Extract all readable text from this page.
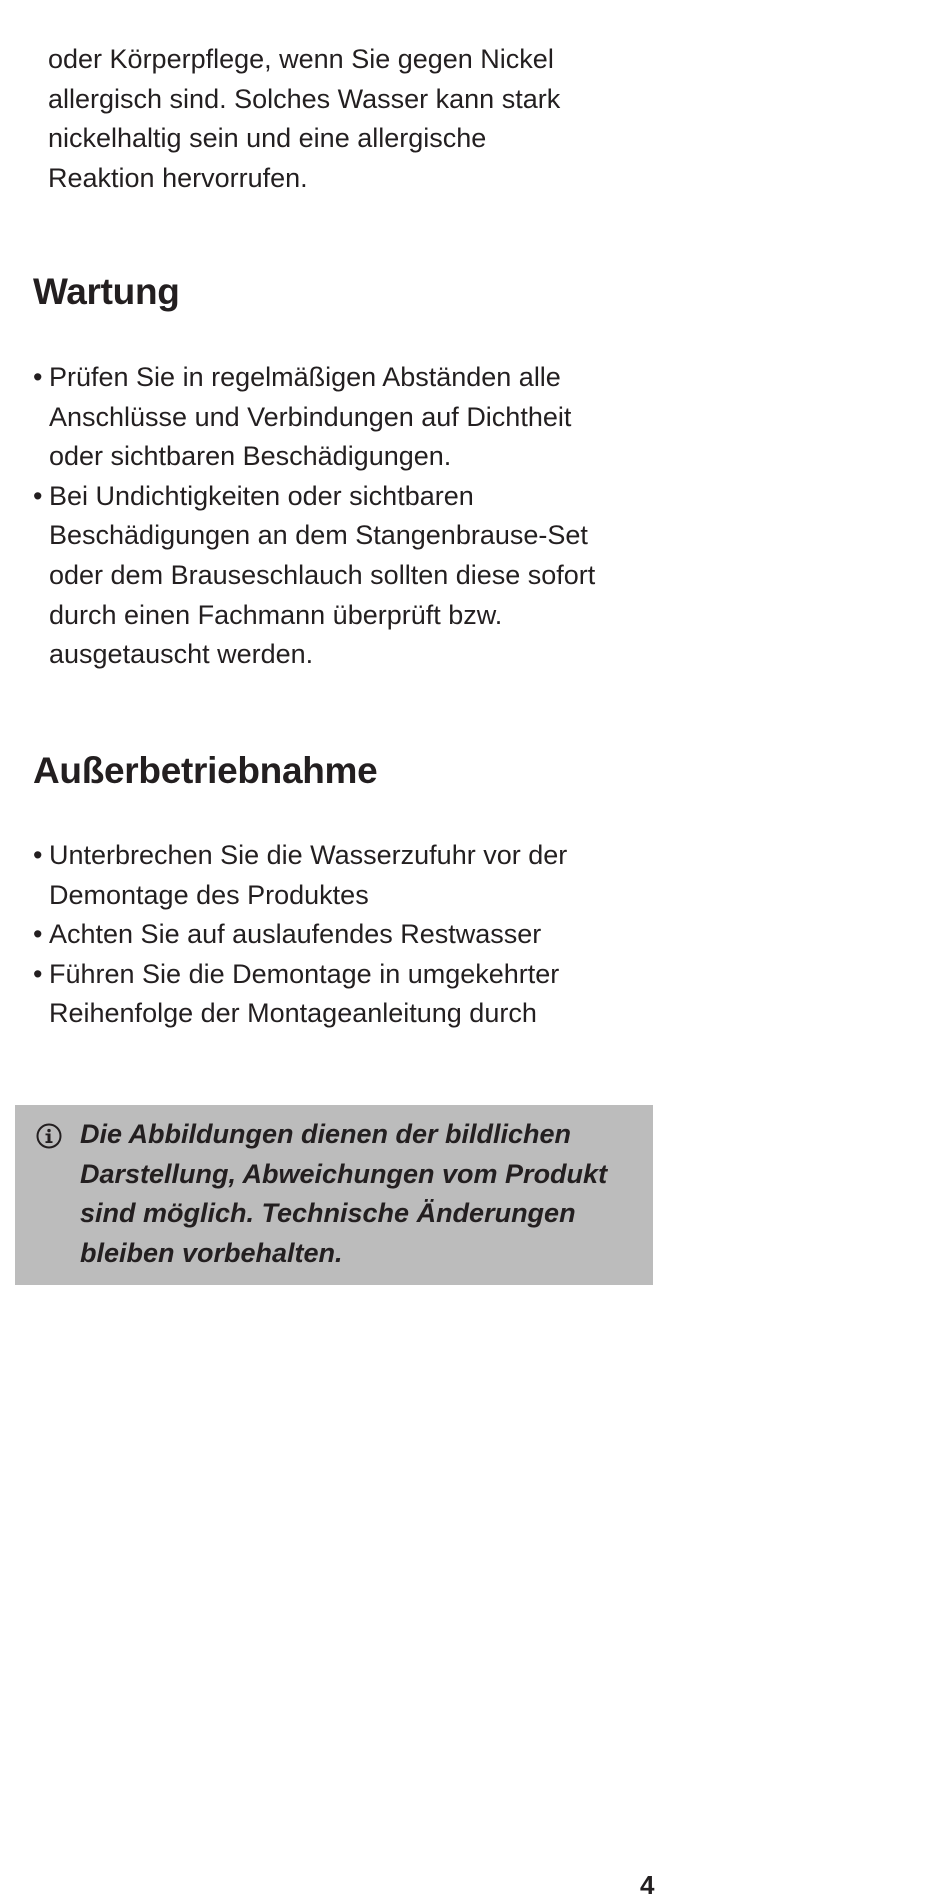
oder Körperpflege, wenn Sie gegen Nickel
allergisch sind. Solches Wasser kann stark
nickelhaltig sein und eine allergische
Reaktion hervorrufen.
Wartung
• Prüfen Sie in regelmäßigen Abständen alle
Anschlüsse und Verbindungen auf Dichtheit
oder sichtbaren Beschädigungen.
• Bei Undichtigkeiten oder sichtbaren
Beschädigungen an dem Stangenbrause-Set
oder dem Brauseschlauch sollten diese sofort
durch einen Fachmann überprüft bzw.
ausgetauscht werden.
Außerbetriebnahme
• Unterbrechen Sie die Wasserzufuhr vor der
Demontage des Produktes
• Achten Sie auf auslaufendes Restwasser
• Führen Sie die Demontage in umgekehrter
Reihenfolge der Montageanleitung durch
Die Abbildungen dienen der bildlichen
Darstellung, Abweichungen vom Produkt
sind möglich. Technische Änderungen
bleiben vorbehalten.
4
